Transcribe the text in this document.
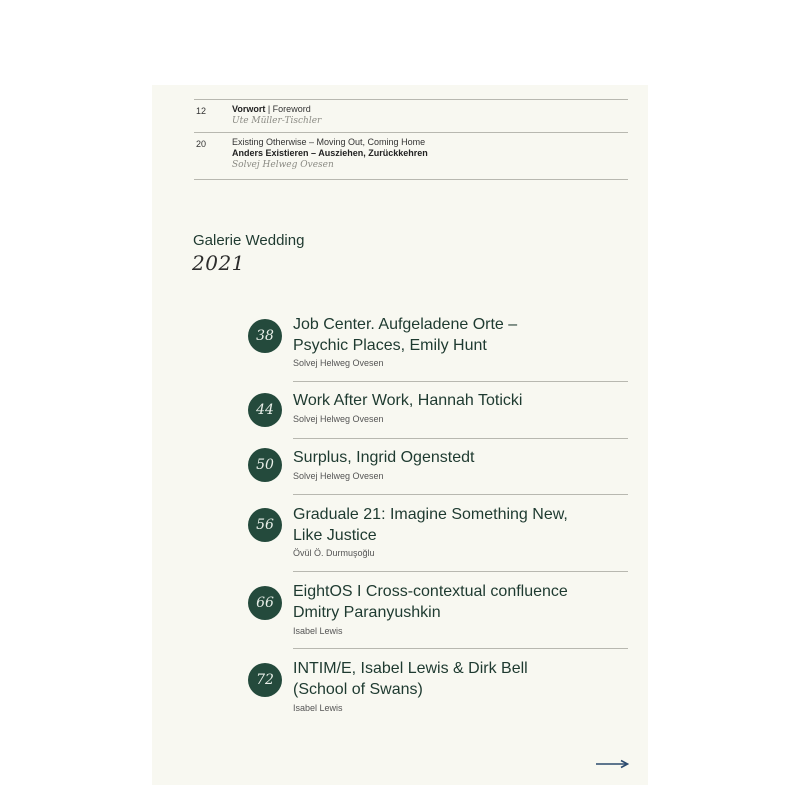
12	Vorwort | Foreword
Ute Müller-Tischler
20	Existing Otherwise – Moving Out, Coming Home
Anders Existieren – Ausziehen, Zurückkehren
Solvej Helweg Ovesen
Galerie Wedding
2021
38
Job Center. Aufgeladene Orte –
Psychic Places, Emily Hunt
Solvej Helweg Ovesen
44
Work After Work, Hannah Toticki
Solvej Helweg Ovesen
50	Surplus, Ingrid Ogenstedt
Solvej Helweg Ovesen
56
Graduale 21: Imagine Something New,
Like Justice
Övül Ö. Durmuşoğlu
66
EightOS I Cross-contextual confluence
Dmitry Paranyushkin
Isabel Lewis
72
INTIM/E, Isabel Lewis & Dirk Bell
(School of Swans)
Isabel Lewis
